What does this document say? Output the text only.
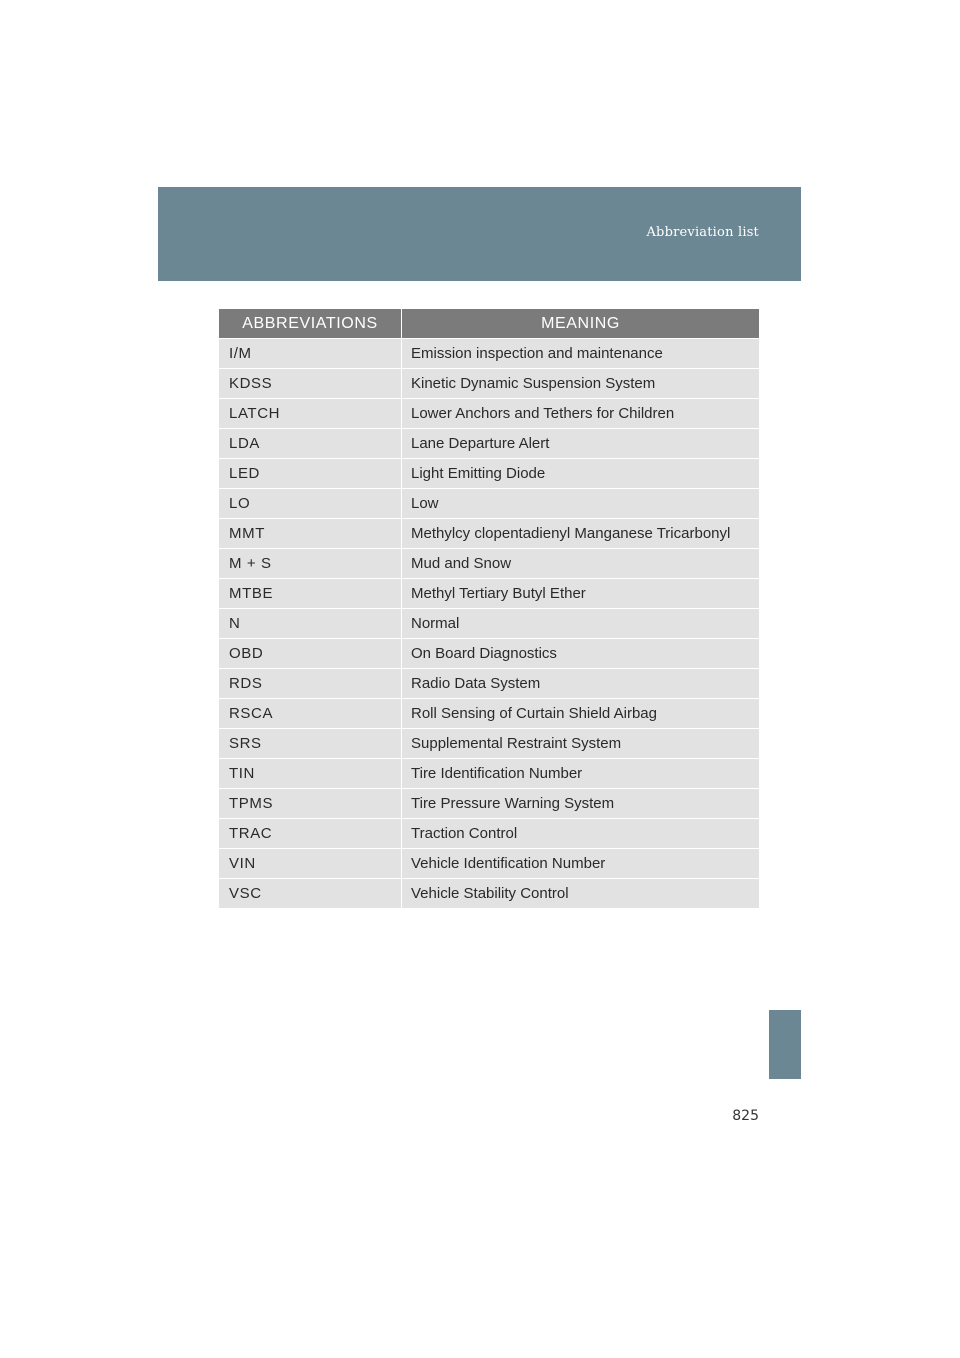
Abbreviation list
ABBREVIATIONS	MEANING
I/M	Emission inspection and maintenance
KDSS	Kinetic Dynamic Suspension System
LATCH	Lower Anchors and Tethers for Children
LDA	Lane Departure Alert
LED	Light Emitting Diode
LO	Low
MMT	Methylcy clopentadienyl Manganese Tricarbonyl
M + S	Mud and Snow
MTBE	Methyl Tertiary Butyl Ether
N	Normal
OBD	On Board Diagnostics
RDS	Radio Data System
RSCA	Roll Sensing of Curtain Shield Airbag
SRS	Supplemental Restraint System
TIN	Tire Identification Number
TPMS	Tire Pressure Warning System
TRAC	Traction Control
VIN	Vehicle Identification Number
VSC	Vehicle Stability Control
825
